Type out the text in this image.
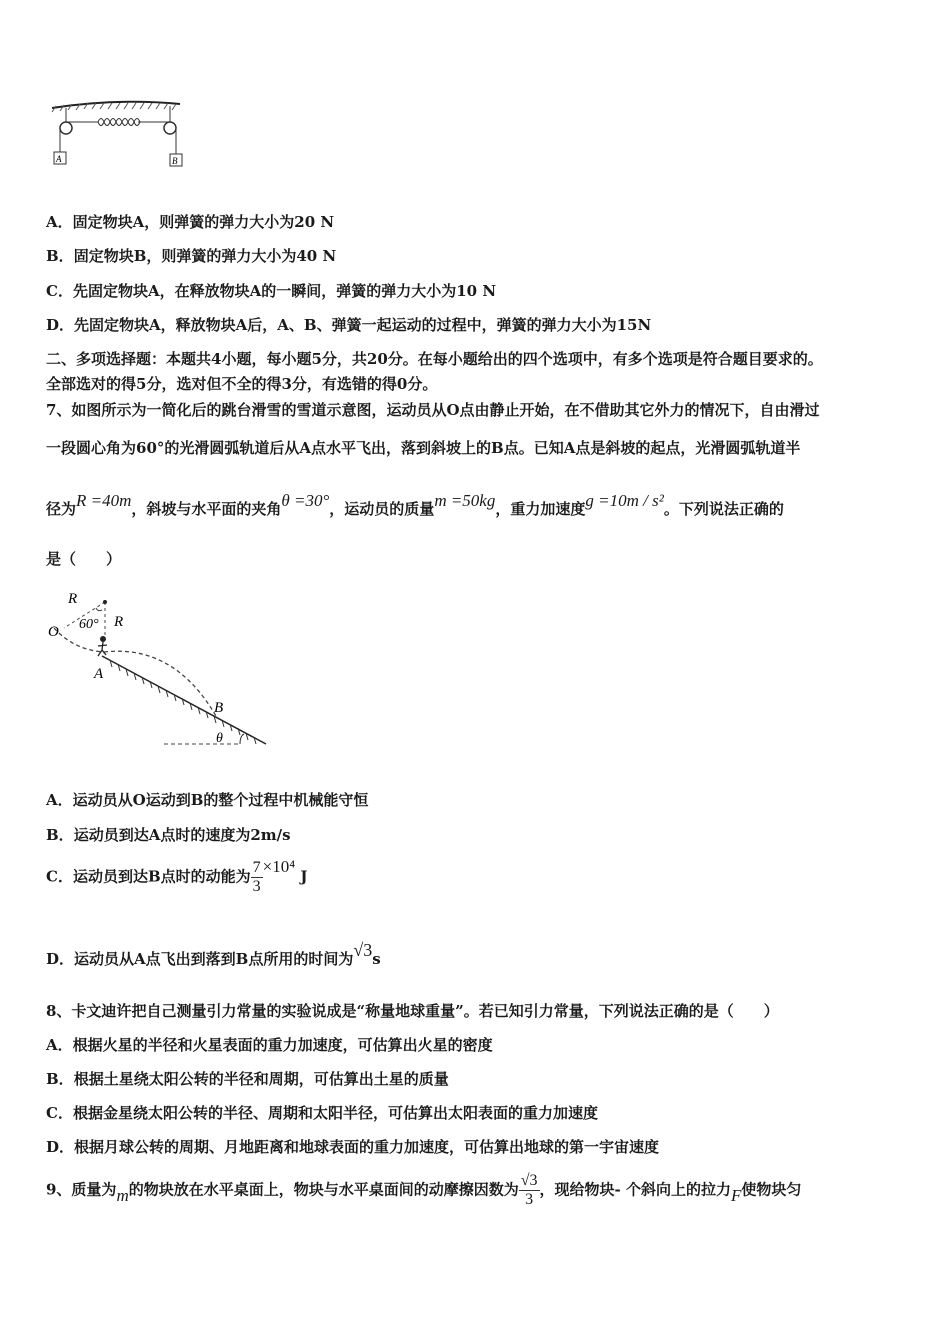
A	B
A．固定物块A，则弹簧的弹力大小为20 N
B．固定物块B，则弹簧的弹力大小为40 N
C．先固定物块A，在释放物块A的一瞬间，弹簧的弹力大小为10 N
D．先固定物块A，释放物块A后，A、B、弹簧一起运动的过程中，弹簧的弹力大小为15N
二、多项选择题：本题共4小题，每小题5分，共20分。在每小题给出的四个选项中，有多个选项是符合题目要求的。
全部选对的得5分，选对但不全的得3分，有选错的得0分。
7、如图所示为一简化后的跳台滑雪的雪道示意图，运动员从O点由静止开始，在不借助其它外力的情况下，自由滑过
一段圆心角为60°的光滑圆弧轨道后从A点水平飞出，落到斜坡上的B点。已知A点是斜坡的起点，光滑圆弧轨道半
径为R =40m，斜坡与水平面的夹角θ =30°，运动员的质量m =50kg，重力加速度g =10m / s²。下列说法正确的
是（　　）
R
60° R
O
A
B
θ
A．运动员从O运动到B的整个过程中机械能守恒
B．运动员到达A点时的速度为2m/s
C．运动员到达B点时的动能为 $\frac{7}{3} \times 10^4$ J
D．运动员从A点飞出到落到B点所用的时间为√3s
8、卡文迪许把自己测量引力常量的实验说成是“称量地球重量”。若已知引力常量，下列说法正确的是（　　）
A．根据火星的半径和火星表面的重力加速度，可估算出火星的密度
B．根据土星绕太阳公转的半径和周期，可估算出土星的质量
C．根据金星绕太阳公转的半径、周期和太阳半径，可估算出太阳表面的重力加速度
D．根据月球公转的周期、月地距离和地球表面的重力加速度，可估算出地球的第一宇宙速度
9、质量为m的物块放在水平桌面上，物块与水平桌面间的动摩擦因数为 $\frac{√3}{3}$ ，现给物块- 个斜向上的拉力F使物块匀
